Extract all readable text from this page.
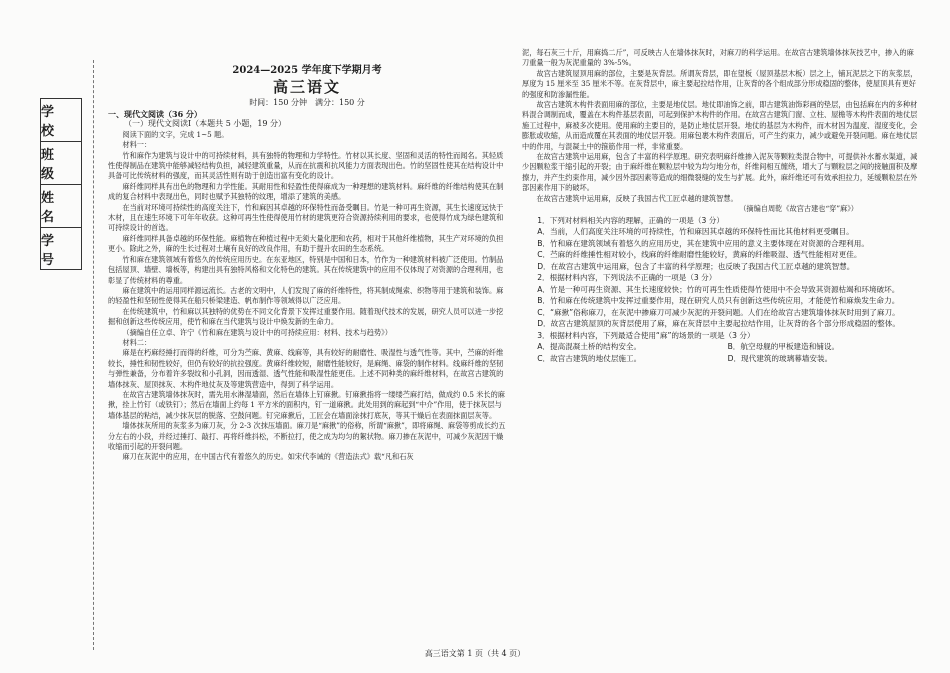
学 校
班 级
姓 名
学 号

2024—2025 学年度下学期月考

高三语文

时间：150 分钟　满分：150 分

一、现代文阅读（36 分）

（一）现代文阅读Ⅰ（本题共 5 小题，19 分）

阅读下面的文字，完成 1~5 题。

材料一：

竹和麻作为建筑与设计中的可持续材料，具有独特的物理和力学特性。竹材以其长度、坚固和灵活的特性而闻名。其轻质性使得制品在建筑中能够减轻结构负担，减轻建筑重量，从而在抗震和抗风能力方面表现出色。竹的坚固性使其在结构设计中具备可比传统材料的强度，而其灵活性则有助于创造出富有变化的设计。

麻纤维同样具有出色的物理和力学性能。其耐用性和轻盈性使得麻成为一种理想的建筑材料。麻纤维的纤维结构使其在制成的复合材料中表现出色，同时也赋予其独特的纹理，增添了建筑的美感。

在当前对环境可持续性的高度关注下，竹和麻因其卓越的环保特性而备受瞩目。竹是一种可再生资源，其生长速度远快于木材，且在速生环境下可年年收获。这种可再生性使得使用竹材的建筑更符合资源持续利用的要求，也使得竹成为绿色建筑和可持续设计的首选。

麻纤维同样具备卓越的环保性能。麻植物在种植过程中无须大量化肥和农药，相对于其他纤维植物，其生产对环境的负担更小。除此之外，麻的生长过程对土壤有良好的改良作用，有助于提升农田的生态系统。

竹和麻在建筑领域有着悠久的传统应用历史。在东亚地区，特别是中国和日本，竹作为一种建筑材料被广泛使用。竹制品包括屋顶、墙壁、墙板等，构建出具有独特风格和文化特色的建筑。其在传统建筑中的应用不仅体现了对资源的合理利用，也彰显了传统材料的尊重。

麻在建筑中的运用同样源远流长。古老的文明中，人们发现了麻的纤维特性，将其制成绳索、织物等用于建筑和装饰。麻的轻盈性和坚韧性使得其在船只桥梁建造、帆布制作等领域得以广泛应用。

在传统建筑中，竹和麻以其独特的优势在不同文化背景下发挥过重要作用。随着现代技术的发展，研究人员可以进一步挖掘和创新这些传统应用，使竹和麻在当代建筑与设计中焕发新的生命力。

（摘编自任立卓、许宁《竹和麻在建筑与设计中的可持续应用：材料、技术与趋势》）

材料二：

麻是在朽麻经捶打而得的纤维，可分为苎麻、黄麻、线麻等，具有较好的耐磨性、吸湿性与透气性等。其中，苎麻的纤维较长，捶性和韧性较好，但仍有较好的抗拉强度。黄麻纤维较短，耐磨性能较好，是麻绳、麻袋的制作材料。线麻纤维的坚韧与弹性兼备，分布着许多裂纹和小孔洞，因而透湿、透气性能和吸湿性能更佳。上述不同种类的麻纤维材料，在故宫古建筑的墙体抹灰、屋顶抹灰、木构件地仗灰及等建筑营造中，得到了科学运用。

在故宫古建筑墙体抹灰时，需先用水淋湿墙面，然后在墙体上钉麻揪。钉麻揪指将一缕缕苎麻打结，做成约 0.5 米长的麻揪，拴上竹钉（或铁钉）；然后在墙面上约每 1 平方米的面积内，钉一道麻揪。此处用到的麻起到“中介”作用，使于抹灰层与墙体基层的粘结，减少抹灰层的脱落、空鼓问题。钉完麻揪后，工匠会在墙面涂抹打底灰，等其干燥后在表面抹面层灰等。

墙体抹灰所用的灰浆多为麻刀灰，分 2-3 次抹压墙面。麻刀是“麻揪”的俗称，所谓“麻揪”，即将麻绳、麻袋等剪成长约五分左右的小段，并经过捶打、敲打、再将纤维抖松，不断拉打，使之成为均匀的絮状物。麻刀掺在灰泥中，可减少灰泥因干燥收缩而引起的开裂问题。

麻刀在灰泥中的应用，在中国古代有着悠久的历史。如宋代李诫的《营造法式》载“凡和石灰

泥，每石灰三十斤，用麻捣二斤”，可反映古人在墙体抹灰时，对麻刀的科学运用。在故宫古建筑墙体抹灰技艺中，掺入的麻刀重量一般为灰泥重量的 3%-5%。

故宫古建筑屋顶用麻的部位，主要是灰背层。所谓灰背层，即在望板（屋顶基层木板）层之上，铺瓦泥层之下的灰浆层，厚度为 15 厘米至 35 厘米不等。在灰背层中，麻主要起拉结作用，让灰背的各个组成部分形成稳固的整体，使屋顶具有更好的强度和防渗漏性能。

故宫古建筑木构件表面用麻的部位，主要是地仗层。地仗即油饰之前，即古建筑油饰彩画的垫层，由包括麻在内的多种材料混合调制而成，覆盖在木构件基层表面，可起到保护木构件的作用。在故宫古建筑门窗、立柱、屋檐等木构件表面的地仗层施工过程中，麻被多次使用。使用麻的主要目的，是防止地仗层开裂。地仗的基层为木构件，而木材因为温度、湿度变化，会膨胀或收缩，从而造成覆在其表面的地仗层开裂。用麻包裹木构件表面后，可产生约束力，减少或避免开裂问题。麻在地仗层中的作用，与混凝土中的箍筋作用一样，非常重要。

在故宫古建筑中运用麻，包含了丰富的科学原理。研究表明麻纤维掺入泥灰等颗粒类混合物中，可提供补水蓄水渠道，减少因颗粒浆干缩引起的开裂；由于麻纤维在颗粒层中较为均匀地分布，纤维间相互缠绕，增大了与颗粒层之间的接触面积及摩擦力，并产生约束作用，减少因外部因素等造成的细微裂缝的发生与扩展。此外，麻纤维还可有效承担拉力，延缓颗粒层在外部因素作用下的破坏。

在故宫古建筑中运用麻，反映了我国古代工匠卓越的建筑智慧。

（摘编自周乾《故宫古建也“穿”麻》）

1．下列对材料相关内容的理解，正确的一项是（3 分）

A．当前，人们高度关注环境的可持续性，竹和麻因其卓越的环保特性而比其他材料更受瞩目。

B．竹和麻在建筑领域有着悠久的应用历史，其在建筑中应用的意义主要体现在对资源的合理利用。

C．苎麻的纤维捶性相对较小，线麻的纤维耐磨性能较好，黄麻的纤维吸湿、透气性能相对更佳。

D．在故宫古建筑中运用麻，包含了丰富的科学原理；也反映了我国古代工匠卓越的建筑智慧。

2．根据材料内容，下列说法不正确的一项是（3 分）

A．竹是一种可再生资源、其生长速度较快；竹的可再生性质使得竹使用中不会导致其资源枯竭和环境破坏。

B．竹和麻在传统建筑中发挥过重要作用，现在研究人员只有创新这些传统应用，才能使竹和麻焕发生命力。

C．“麻揪”俗称麻刀，在灰泥中掺麻刀可减少灰泥的开裂问题。人们在给故宫古建筑墙体抹灰时用到了麻刀。

D．故宫古建筑屋顶的灰背层使用了麻，麻在灰背层中主要起拉结作用，让灰背的各个部分形成稳固的整体。

3．根据材料内容，下列最适合使用“麻”的场景的一项是（3 分）

A．提高混凝土桥的结构安全。	B．航空母舰的甲板建造和铺设。
C．故宫古建筑的地仗层施工。	D．现代建筑的玻璃幕墙安装。
高三语文第 1 页（共 4 页）
